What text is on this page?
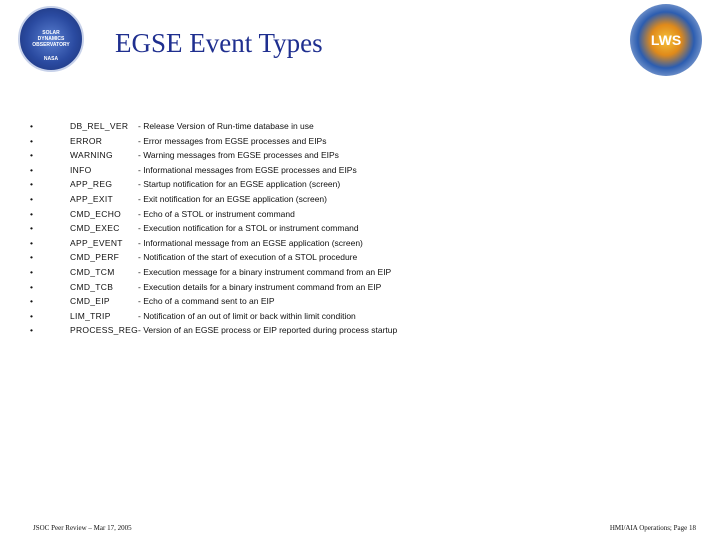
SOLAR
DYNAMICS
OBSERVATORY
NASA
EGSE Event Types	LWS
•	DB_REL_VER - Release Version of Run-time database in use
•	ERROR	- Error messages from EGSE processes and EIPs
•	WARNING	- Warning messages from EGSE processes and EIPs
•	INFO	- Informational messages from EGSE processes and EIPs
•	APP_REG	- Startup notification for an EGSE application (screen)
•	APP_EXIT	- Exit notification for an EGSE application (screen)
•	CMD_ECHO - Echo of a STOL or instrument command
•	CMD_EXEC - Execution notification for a STOL or instrument command
•	APP_EVENT - Informational message from an EGSE application (screen)
•	CMD_PERF - Notification of the start of execution of a STOL procedure
•	CMD_TCM	- Execution message for a binary instrument command from an EIP
•	CMD_TCB	- Execution details for a binary instrument command from an EIP
•	CMD_EIP	- Echo of a command sent to an EIP
•	LIM_TRIP	- Notification of an out of limit or back within limit condition
•	PROCESS_REG - Version of an EGSE process or EIP reported during process startup
JSOC Peer Review – Mar 17, 2005	HMI/AIA Operations; Page 18
